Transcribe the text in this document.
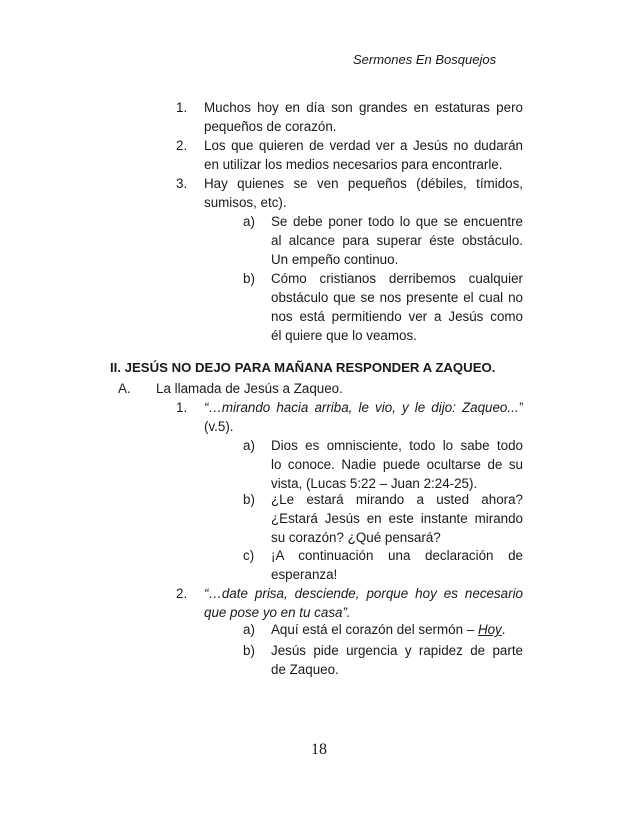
Sermones En Bosquejos
1.	Muchos hoy en día son grandes en estaturas pero
pequeños de corazón.
2.	Los que quieren de verdad ver a Jesús no dudarán
en utilizar los medios necesarios para encontrarle.
3.	Hay quienes se ven pequeños (débiles, tímidos,
sumisos, etc).
a)	Se debe poner todo lo que se encuentre
al alcance para superar éste obstáculo.
Un empeño continuo.
b)	Cómo cristianos derribemos cualquier
obstáculo que se nos presente el cual no
nos está permitiendo ver a Jesús como
él quiere que lo veamos.
II. JESÚS NO DEJO PARA MAÑANA RESPONDER A ZAQUEO.
A.	La llamada de Jesús a Zaqueo.
1.	“…mirando hacia arriba, le vio, y le dijo: Zaqueo...”
(v.5).
a)	Dios es omnisciente, todo lo sabe todo
lo conoce. Nadie puede ocultarse de su
vista, (Lucas 5:22 – Juan 2:24-25).
b)	¿Le estará mirando a usted ahora?
¿Estará Jesús en este instante mirando
su corazón? ¿Qué pensará?
c)	¡A continuación una declaración de
esperanza!
2.	“…date prisa, desciende, porque hoy es necesario
que pose yo en tu casa”.
a)	Aquí está el corazón del sermón – Hoy.
b)	Jesús pide urgencia y rapidez de parte
de Zaqueo.
18
